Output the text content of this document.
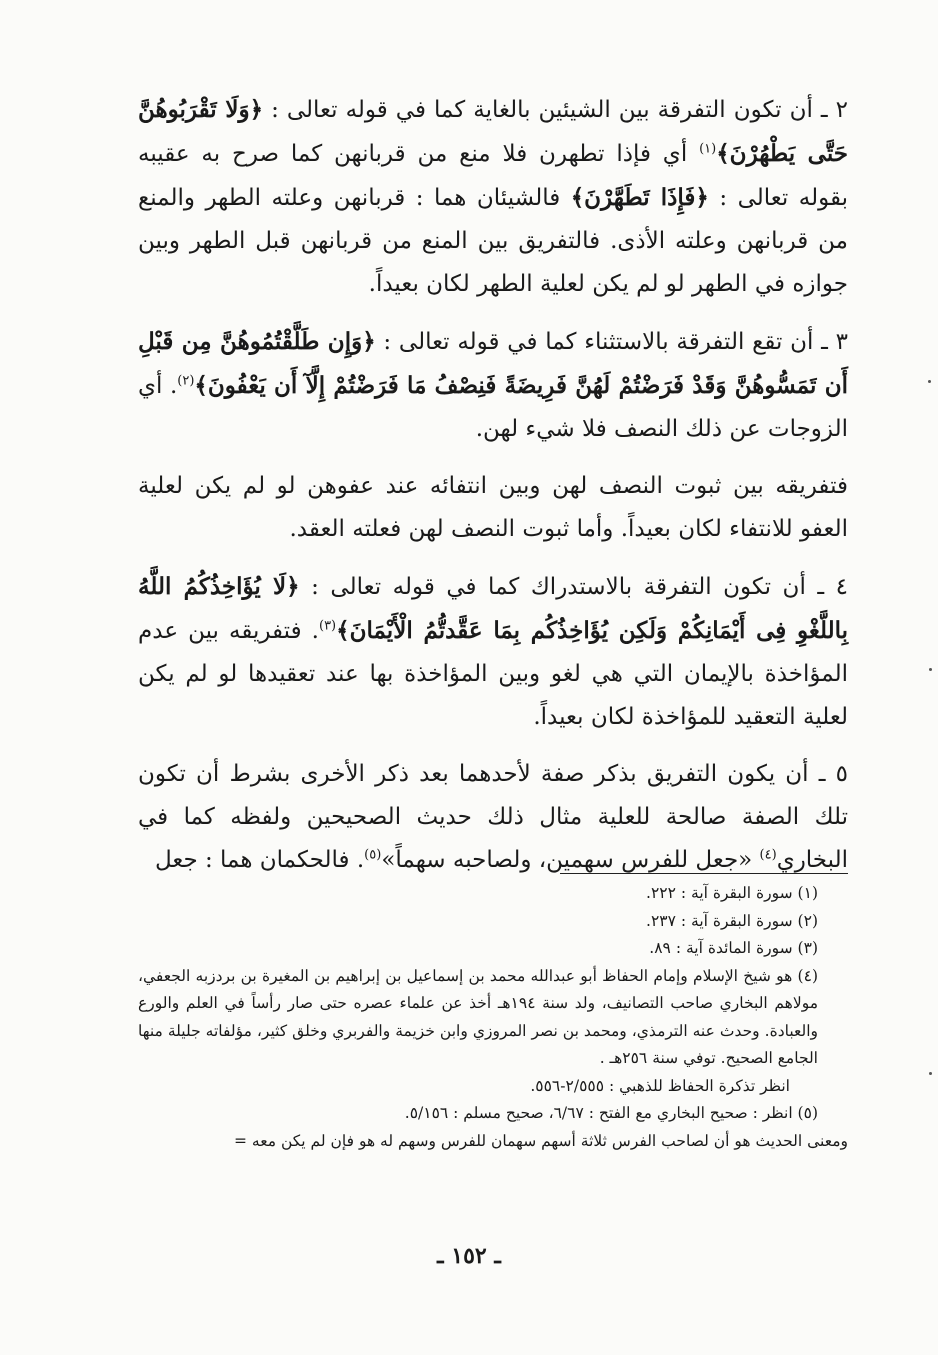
٢ ـ أن تكون التفرقة بين الشيئين بالغاية كما في قوله تعالى : ﴿وَلَا تَقْرَبُوهُنَّ حَتَّى يَطْهُرْنَ﴾$^{(١)}$ أي فإذا تطهرن فلا منع من قربانهن كما صرح به عقيبه بقوله تعالى : ﴿فَإِذَا تَطَهَّرْنَ﴾ فالشيئان هما : قربانهن وعلته الطهر والمنع من قربانهن وعلته الأذى. فالتفريق بين المنع من قربانهن قبل الطهر وبين جوازه في الطهر لو لم يكن لعلية الطهر لكان بعيداً.

٣ ـ أن تقع التفرقة بالاستثناء كما في قوله تعالى : ﴿وَإِن طَلَّقْتُمُوهُنَّ مِن قَبْلِ أَن تَمَسُّوهُنَّ وَقَدْ فَرَضْتُمْ لَهُنَّ فَرِيضَةً فَنِصْفُ مَا فَرَضْتُمْ إِلَّآ أَن يَعْفُونَ﴾$^{(٢)}$. أي الزوجات عن ذلك النصف فلا شيء لهن.

فتفريقه بين ثبوت النصف لهن وبين انتفائه عند عفوهن لو لم يكن لعلية العفو للانتفاء لكان بعيداً. وأما ثبوت النصف لهن فعلته العقد.

٤ ـ أن تكون التفرقة بالاستدراك كما في قوله تعالى : ﴿لَا يُؤَاخِذُكُمُ اللَّهُ بِاللَّغْوِ فِى أَيْمَانِكُمْ وَلَكِن يُؤَاخِذُكُم بِمَا عَقَّدتُّمُ الْأَيْمَانَ﴾$^{(٣)}$. فتفريقه بين عدم المؤاخذة بالإيمان التي هي لغو وبين المؤاخذة بها عند تعقيدها لو لم يكن لعلية التعقيد للمؤاخذة لكان بعيداً.

٥ ـ أن يكون التفريق بذكر صفة لأحدهما بعد ذكر الأخرى بشرط أن تكون تلك الصفة صالحة للعلية مثال ذلك حديث الصحيحين ولفظه كما في البخاري$^{(٤)}$ «جعل للفرس سهمين، ولصاحبه سهماً»$^{(٥)}$. فالحكمان هما : جعل

(١) سورة البقرة آية : ٢٢٢.

(٢) سورة البقرة آية : ٢٣٧.

(٣) سورة المائدة آية : ٨٩.

(٤) هو شيخ الإسلام وإمام الحفاظ أبو عبدالله محمد بن إسماعيل بن إبراهيم بن المغيرة بن بردزبه الجعفي، مولاهم البخاري صاحب التصانيف، ولد سنة ١٩٤هـ أخذ عن علماء عصره حتى صار رأساً في العلم والورع والعبادة. وحدث عنه الترمذي، ومحمد بن نصر المروزي وابن خزيمة والفربري وخلق كثير، مؤلفاته جليلة منها الجامع الصحيح. توفي سنة ٢٥٦هـ .

انظر تذكرة الحفاظ للذهبي : ٢/٥٥٥-٥٥٦.

(٥) انظر : صحيح البخاري مع الفتح : ٦/٦٧، صحيح مسلم : ٥/١٥٦.

ومعنى الحديث هو أن لصاحب الفرس ثلاثة أسهم سهمان للفرس وسهم له هو فإن لم يكن معه =

ـ ١٥٢ ـ
